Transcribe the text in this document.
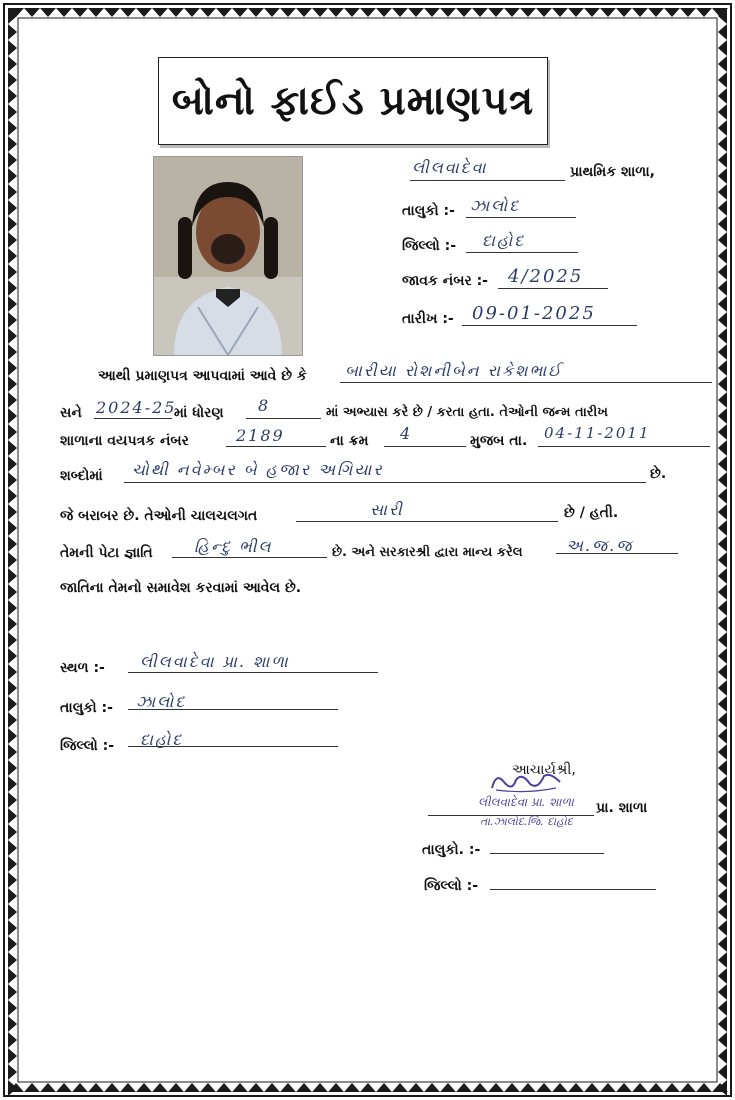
બોનો ફાઈડ પ્રમાણપત્ર
લીલવાદેવા	પ્રાથમિક શાળા,
તાલુકો :- ઝાલોદ
જિલ્લો :- દાહોદ
જાવક નંબર :- 4/2025
તારીખ :- 09-01-2025
આથી પ્રમાણપત્ર આપવામાં આવે છે કે બારીયા રોશનીબેન રાકેશભાઈ
સને 2024-25
માં ધોરણ 8	માં અભ્યાસ કરે છે / કરતા હતા. તેઓની જન્મ તારીખ
શાળાના વયપત્રક નંબર	2189	ના ક્રમ 4	મુજબ તા. 04-11-2011
શબ્દોમાં ચોથી નવેમ્બર બે હજાર અગિયાર	છે.
જે બરાબર છે. તેઓની ચાલચલગત	સારી	છે / હતી.
તેમની પેટા જ્ઞાતિ	હિન્દુ ભીલ	છે. અને સરકારશ્રી દ્વારા માન્ય કરેલ	અ.જ.જ
જાતિના તેમનો સમાવેશ કરવામાં આવેલ છે.
સ્થળ :- લીલવાદેવા પ્રા. શાળા
તાલુકો :- ઝાલોદ
જિલ્લો :- દાહોદ
આચાર્યશ્રી,
લીલવાદેવા પ્રા. શાળા પ્રા. શાળા
તા.ઝાલોદ.જિ. દાહોદ
તાલુકો. :-
જિલ્લો :-
